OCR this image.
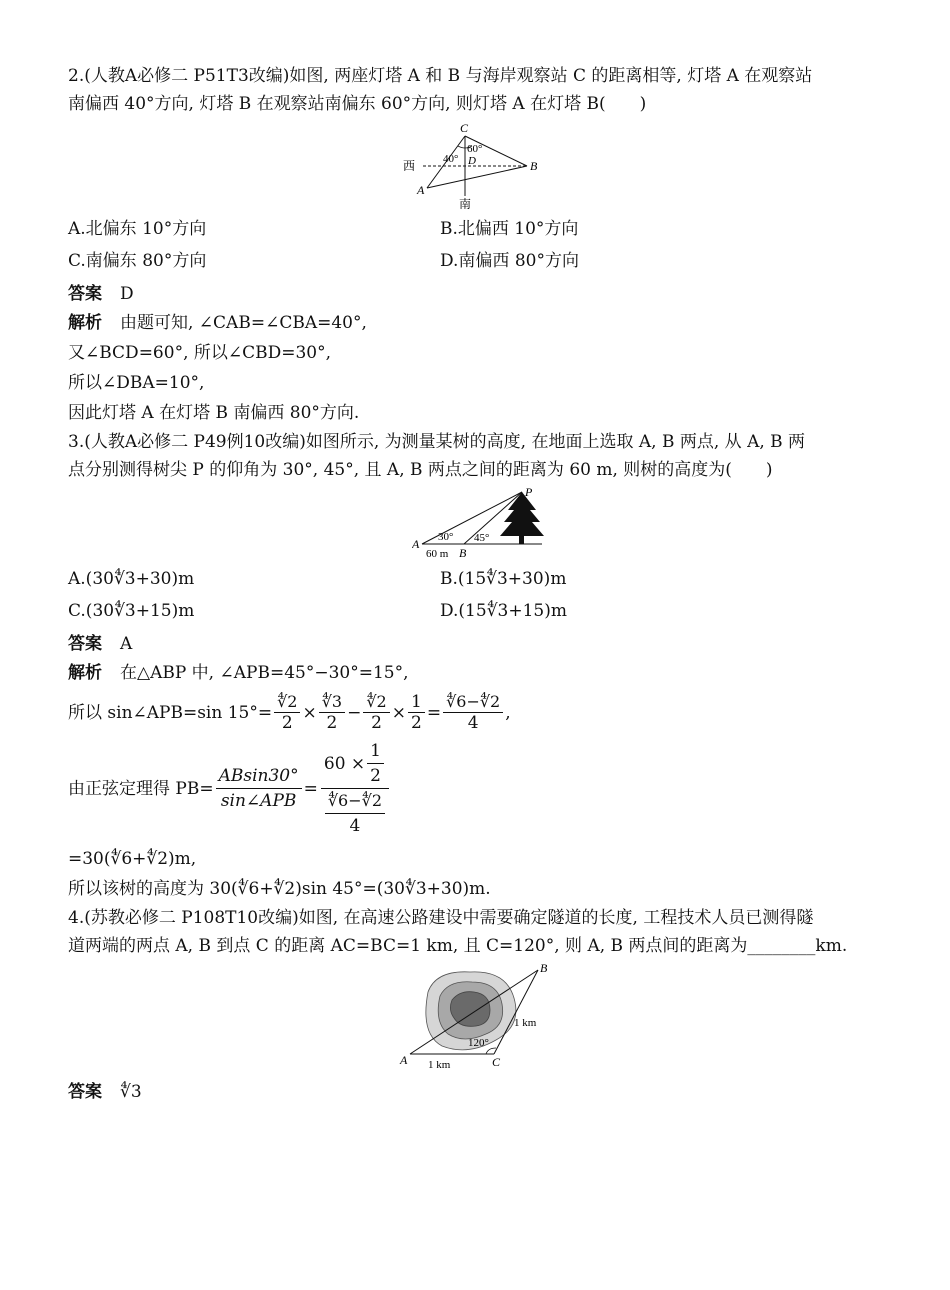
2.(人教A必修二 P51T3改编)如图, 两座灯塔 A 和 B 与海岸观察站 C 的距离相等, 灯塔 A 在观察站
南偏西 40°方向, 灯塔 B 在观察站南偏东 60°方向, 则灯塔 A 在灯塔 B(　　)
C
A
B
D
西
南
40°
60°
A.北偏东 10°方向	B.北偏西 10°方向
C.南偏东 80°方向	D.南偏西 80°方向
答案 D
解析 由题可知, ∠CAB=∠CBA=40°,
又∠BCD=60°, 所以∠CBD=30°,
所以∠DBA=10°,
因此灯塔 A 在灯塔 B 南偏西 80°方向.
3.(人教A必修二 P49例10改编)如图所示, 为测量某树的高度, 在地面上选取 A, B 两点, 从 A, B 两
点分别测得树尖 P 的仰角为 30°, 45°, 且 A, B 两点之间的距离为 60 m, 则树的高度为(　　)
P
A
B
30° 45°
60 m
A.(30∜3+30)m	B.(15∜3+30)m
C.(30∜3+15)m	D.(15∜3+15)m
答案 A
解析 在△ABP 中, ∠APB=45°−30°=15°,
所以 sin∠APB=sin $15^\circ= \frac{∜2}{2} \times \frac{∜3}{2} - \frac{∜2}{2} \times \frac{1}{2} = \frac{∜6-∜2}{4}$ ,
由正弦定理得 $PB= \frac{ABsin30^\circ}{\text{sin∠APB}} = \frac{60 \times \frac{1}{2}}{\frac{∜6-∜2}{4}}$
=30(∜6+∜2)m,
所以该树的高度为 30(∜6+∜2)sin 45°=(30∜3+30)m.
4.(苏教必修二 P108T10改编)如图, 在高速公路建设中需要确定隧道的长度, 工程技术人员已测得隧
道两端的两点 A, B 到点 C 的距离 AC=BC=1 km, 且 C=120°, 则 A, B 两点间的距离为________km.
A
B
C
120°
1 km
1 km
答案 ∜3
